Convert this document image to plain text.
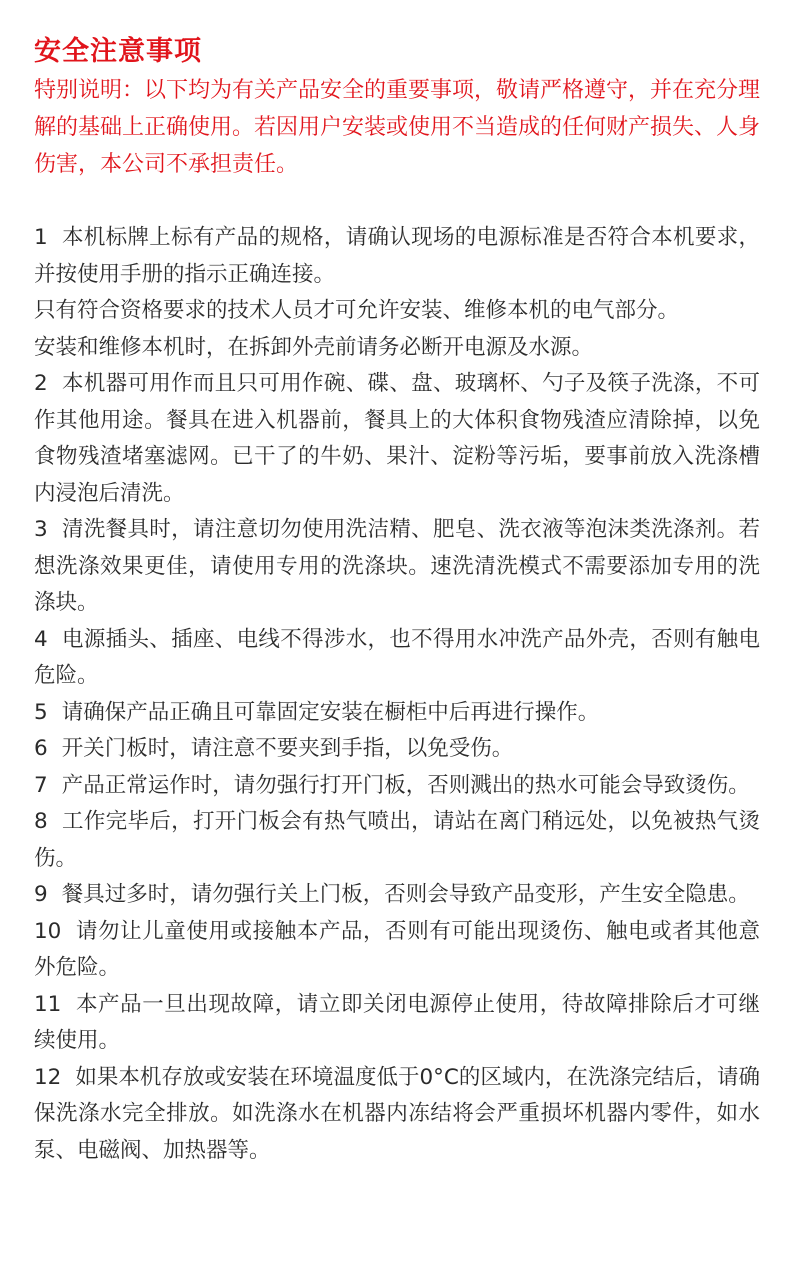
安全注意事项

特别说明：以下均为有关产品安全的重要事项，敬请严格遵守，并在充分理解的基础上正确使用。若因用户安装或使用不当造成的任何财产损失、人身伤害，本公司不承担责任。

1 本机标牌上标有产品的规格，请确认现场的电源标准是否符合本机要求，并按使用手册的指示正确连接。

只有符合资格要求的技术人员才可允许安装、维修本机的电气部分。

安装和维修本机时，在拆卸外壳前请务必断开电源及水源。

2 本机器可用作而且只可用作碗、碟、盘、玻璃杯、勺子及筷子洗涤，不可作其他用途。餐具在进入机器前，餐具上的大体积食物残渣应清除掉，以免食物残渣堵塞滤网。已干了的牛奶、果汁、淀粉等污垢，要事前放入洗涤槽内浸泡后清洗。

3 清洗餐具时，请注意切勿使用洗洁精、肥皂、洗衣液等泡沫类洗涤剂。若想洗涤效果更佳，请使用专用的洗涤块。速洗清洗模式不需要添加专用的洗涤块。

4 电源插头、插座、电线不得涉水，也不得用水冲洗产品外壳，否则有触电危险。

5 请确保产品正确且可靠固定安装在橱柜中后再进行操作。

6 开关门板时，请注意不要夹到手指，以免受伤。

7 产品正常运作时，请勿强行打开门板，否则溅出的热水可能会导致烫伤。

8 工作完毕后，打开门板会有热气喷出，请站在离门稍远处，以免被热气烫伤。

9 餐具过多时，请勿强行关上门板，否则会导致产品变形，产生安全隐患。

10 请勿让儿童使用或接触本产品，否则有可能出现烫伤、触电或者其他意外危险。

11 本产品一旦出现故障，请立即关闭电源停止使用，待故障排除后才可继续使用。

12 如果本机存放或安装在环境温度低于0°C的区域内，在洗涤完结后，请确保洗涤水完全排放。如洗涤水在机器内冻结将会严重损坏机器内零件，如水泵、电磁阀、加热器等。
